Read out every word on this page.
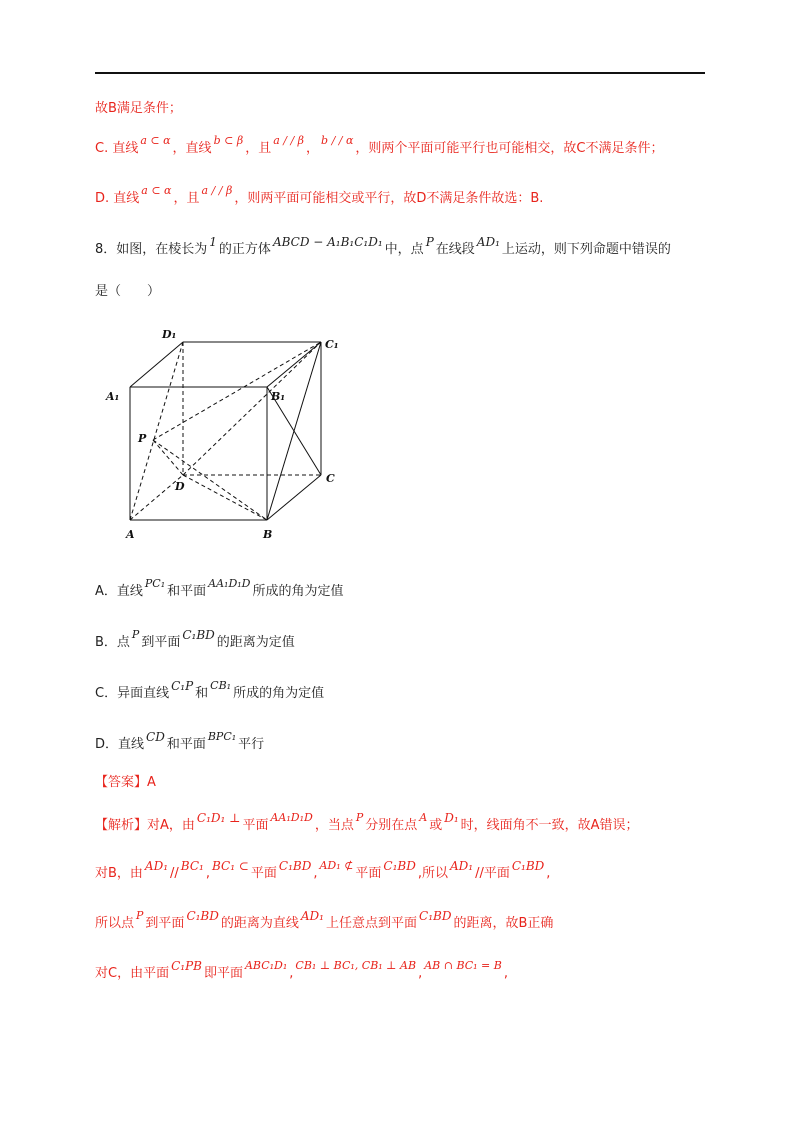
故B满足条件；
C. 直线$^{a \subset \alpha}$，直线$^{b \subset \beta}$，且$^{a / / \beta}$，$^{b / / \alpha}$，则两个平面可能平行也可能相交，故C不满足条件；
D. 直线$^{a \subset \alpha}$，且$^{a / / \beta}$，则两平面可能相交或平行，故D不满足条件故选：B.
8．如图，在棱长为 1 的正方体 ABCD − A₁B₁C₁D₁ 中，点 P 在线段 AD₁ 上运动，则下列命题中错误的
是（　　）
D₁
C₁
A₁	B₁
P
D
C
A	B
A．直线$^{PC_1}$和平面$^{AA_1D_1D}$所成的角为定值
B．点$^P$到平面 C₁BD 的距离为定值
C．异面直线 C₁P 和$^{CB_1}$所成的角为定值
D．直线 CD 和平面$^{BPC_1}$平行
【答案】A
【解析】对A，由 C₁D₁ ⊥ 平面$^{AA_1D_1D}$，当点$^P$分别在点$^A$或 D₁ 时，线面角不一致，故A错误；
对B，由 AD₁ // BC₁ , BC₁ ⊂ 平面 C₁BD ,$^{AD_1 ⊄}$平面 C₁BD ,所以 AD₁ //平面 C₁BD ,
所以点$^P$到平面 C₁BD 的距离为直线 AD₁ 上任意点到平面 C₁BD 的距离，故B正确
对C，由平面 C₁PB 即平面$^{ABC_1D_1}$,$^{CB_1 \perp BC_1, CB_1 \perp AB}$,$^{AB \cap BC_1 = B}$,
